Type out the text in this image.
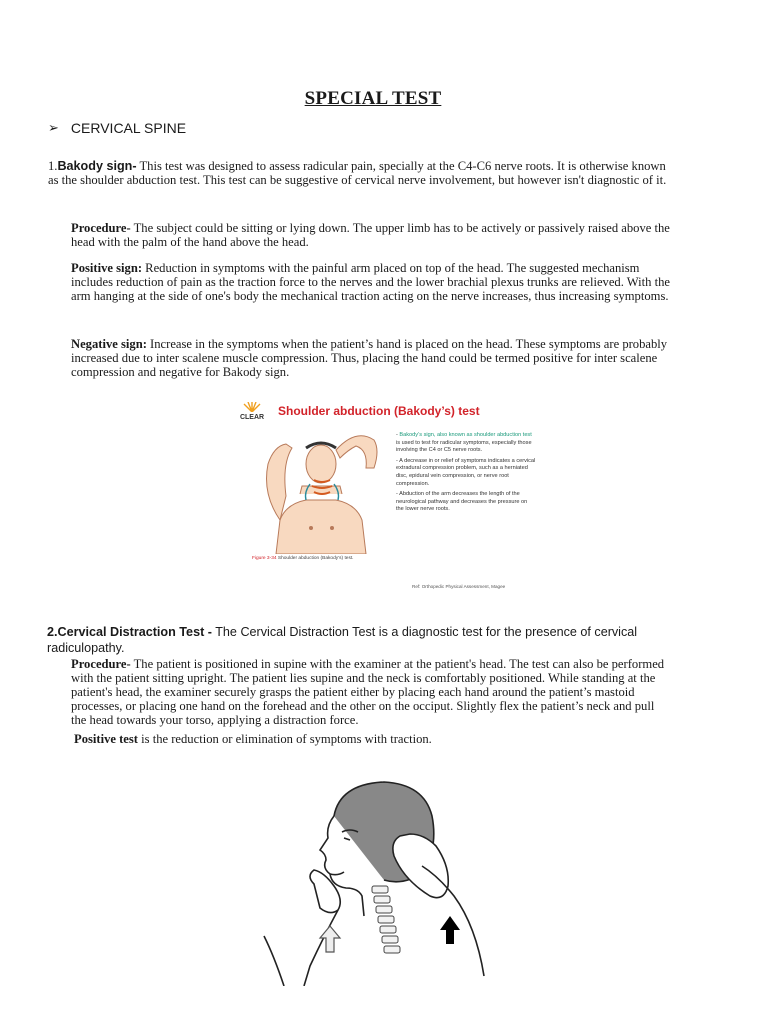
SPECIAL TEST
➢ CERVICAL SPINE
1.Bakody sign- This test was designed to assess radicular pain, specially at the C4-C6 nerve roots. It is otherwise known as the shoulder abduction test. This test can be suggestive of cervical nerve involvement, but however isn't diagnostic of it.
Procedure- The subject could be sitting or lying down. The upper limb has to be actively or passively raised above the head with the palm of the hand above the head.
Positive sign: Reduction in symptoms with the painful arm placed on top of the head. The suggested mechanism includes reduction of pain as the traction force to the nerves and the lower brachial plexus trunks are relieved. With the arm hanging at the side of one's body the mechanical traction acting on the nerve increases, thus increasing symptoms.
Negative sign: Increase in the symptoms when the patient’s hand is placed on the head. These symptoms are probably increased due to inter scalene muscle compression. Thus, placing the hand could be termed positive for inter scalene compression and negative for Bakody sign.
CLEAR Shoulder abduction (Bakody’s) test

- Bakody’s sign, also known as shoulder abduction test is used to test for radicular symptoms, especially those involving the C4 or C5 nerve roots.

- A decrease in or relief of symptoms indicates a cervical extradural compression problem, such as a herniated disc, epidural vein compression, or nerve root compression.

- Abduction of the arm decreases the length of the neurological pathway and decreases the pressure on the lower nerve roots.

Figure 3-34 Shoulder abduction (Bakody’s) test.
Ref: Orthopedic Physical Assessment, Magee
2.Cervical Distraction Test - The Cervical Distraction Test is a diagnostic test for the presence of cervical radiculopathy.
Procedure- The patient is positioned in supine with the examiner at the patient's head. The test can also be performed with the patient sitting upright. The patient lies supine and the neck is comfortably positioned. While standing at the patient's head, the examiner securely grasps the patient either by placing each hand around the patient’s mastoid processes, or placing one hand on the forehead and the other on the occiput. Slightly flex the patient’s neck and pull the head towards your torso, applying a distraction force.
Positive test is the reduction or elimination of symptoms with traction.
